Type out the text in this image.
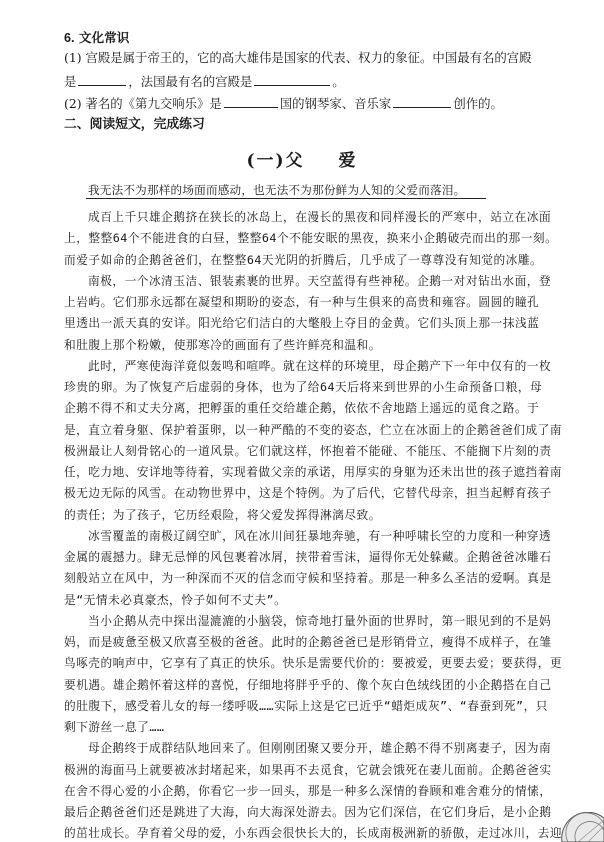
6. 文化常识
(1) 宫殿是属于帝王的，它的高大雄伟是国家的代表、权力的象征。中国最有名的宫殿
是	，法国最有名的宫殿是	。
(2) 著名的《第九交响乐》是	国的钢琴家、音乐家	创作的。
二、阅读短文，完成练习
(一)父 爱
我无法不为那样的场面而感动，也无法不为那份鲜为人知的父爱而落泪。
成百上千只雄企鹅挤在狭长的冰岛上，在漫长的黑夜和同样漫长的严寒中，站立在冰面
上，整整64个不能进食的白昼，整整64个不能安眠的黑夜，换来小企鹅破壳而出的那一刻。
而爱子如命的企鹅爸爸们，在整整64天光阴的折腾后，几乎成了一尊尊没有知觉的冰雕。
南极，一个冰清玉洁、银装素裹的世界。天空蓝得有些神秘。企鹅一对对钻出水面，登
上岩屿。它们那永远都在凝望和期盼的姿态，有一种与生俱来的高贵和雍容。圆圆的瞳孔
里透出一派天真的安详。阳光给它们洁白的大氅般上夺目的金黄。它们头顶上那一抹浅蓝
和肚腹上那个粉嫩，使那寒冷的画面有了些许鲜亮和温和。
此时，严寒使海洋竟似轰鸣和喧哗。就在这样的环境里，母企鹅产下一年中仅有的一枚
珍贵的卵。为了恢复产后虚弱的身体，也为了给64天后将来到世界的小生命预备口粮，母
企鹅不得不和丈夫分离，把孵蛋的重任交给雄企鹅，依依不舍地踏上遥远的觅食之路。于
是，直立着身躯、保护着蛋卵，以一种严酷的不变的姿态，伫立在冰面上的企鹅爸爸们成了南
极洲最让人刻骨铭心的一道风景。它们就这样，怀抱着不能碰、不能压、不能搁下片刻的责
任，吃力地、安详地等待着，实现着做父亲的承诺，用厚实的身躯为还未出世的孩子遮挡着南
极无边无际的风雪。在动物世界中，这是个特例。为了后代，它替代母亲，担当起孵育孩子
的责任；为了孩子，它历经艰险，将父爱发挥得淋漓尽致。
冰雪覆盖的南极辽阔空旷，风在冰川间狂暴地奔驰，有一种呼啸长空的力度和一种穿透
金属的震撼力。肆无忌惮的风包裹着冰屑，挟带着雪沫，逼得你无处躲藏。企鹅爸爸冰雕石
刻般站立在风中，为一种深而不灭的信念而守候和坚持着。那是一种多么圣洁的爱啊。真是
是“无情未必真豪杰，怜子如何不丈夫”。
当小企鹅从壳中探出湿漉漉的小脑袋，惊奇地打量外面的世界时，第一眼见到的不是妈
妈，而是疲惫至极又欣喜至极的爸爸。此时的企鹅爸爸已是形销骨立，瘦得不成样子，在雏
鸟啄壳的响声中，它享有了真正的快乐。快乐是需要代价的：要被爱，更要去爱；要获得，更
要机遇。雄企鹅怀着这样的喜悦，仔细地将胖乎乎的、像个灰白色绒线团的小企鹅搭在自己
的肚腹下，感受着儿女的每一缕呼吸……实际上这是它已近乎“蜡炬成灰”、“春蚕到死”，只
剩下游丝一息了……
母企鹅终于成群结队地回来了。但刚刚团聚又要分开，雄企鹅不得不别离妻子，因为南
极洲的海面马上就要被冰封堵起来，如果再不去觅食，它就会饿死在妻儿面前。企鹅爸爸实
在舍不得心爱的小企鹅，你看它一步一回头，那是一种多么深情的眷顾和难舍难分的情愫，
最后企鹅爸爸们还是跳进了大海，向大海深处游去。因为它们深信，在它们身后，是小企鹅
的茁壮成长。孕育着父母的爱，小东西会很快长大的，长成南极洲新的骄傲，走过冰川，去迎
